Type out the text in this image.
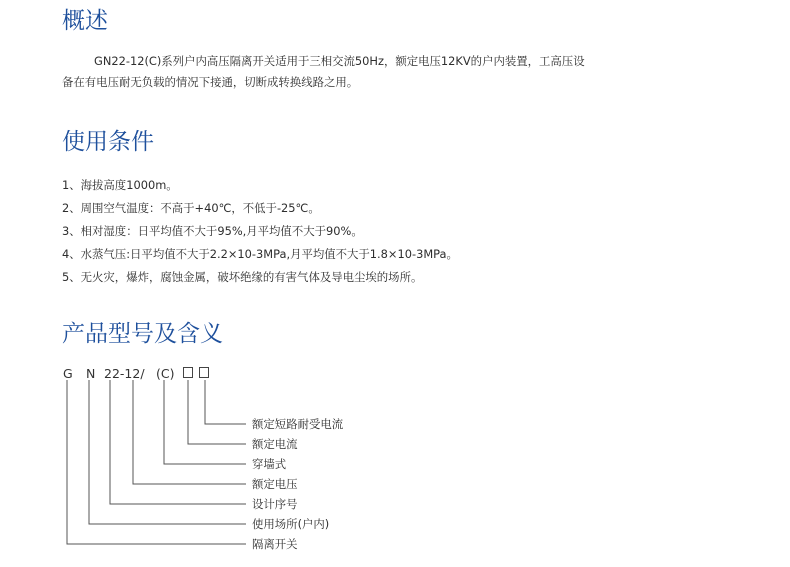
概述
GN22-12(C)系列户内高压隔离开关适用于三相交流50Hz，额定电压12KV的户内装置，工高压设
备在有电压耐无负载的情况下接通，切断成转换线路之用。
使用条件
1、海拔高度1000m。
2、周围空气温度：不高于+40℃，不低于-25℃。
3、相对湿度：日平均值不大于95%,月平均值不大于90%。
4、水蒸气压:日平均值不大于2.2×10-3MPa,月平均值不大于1.8×10-3MPa。
5、无火灾，爆炸，腐蚀金属，破坏绝缘的有害气体及导电尘埃的场所。
产品型号及含义
G N 22-12/ (C)
额定短路耐受电流
额定电流
穿墙式
额定电压
设计序号
使用场所(户内)
隔离开关
